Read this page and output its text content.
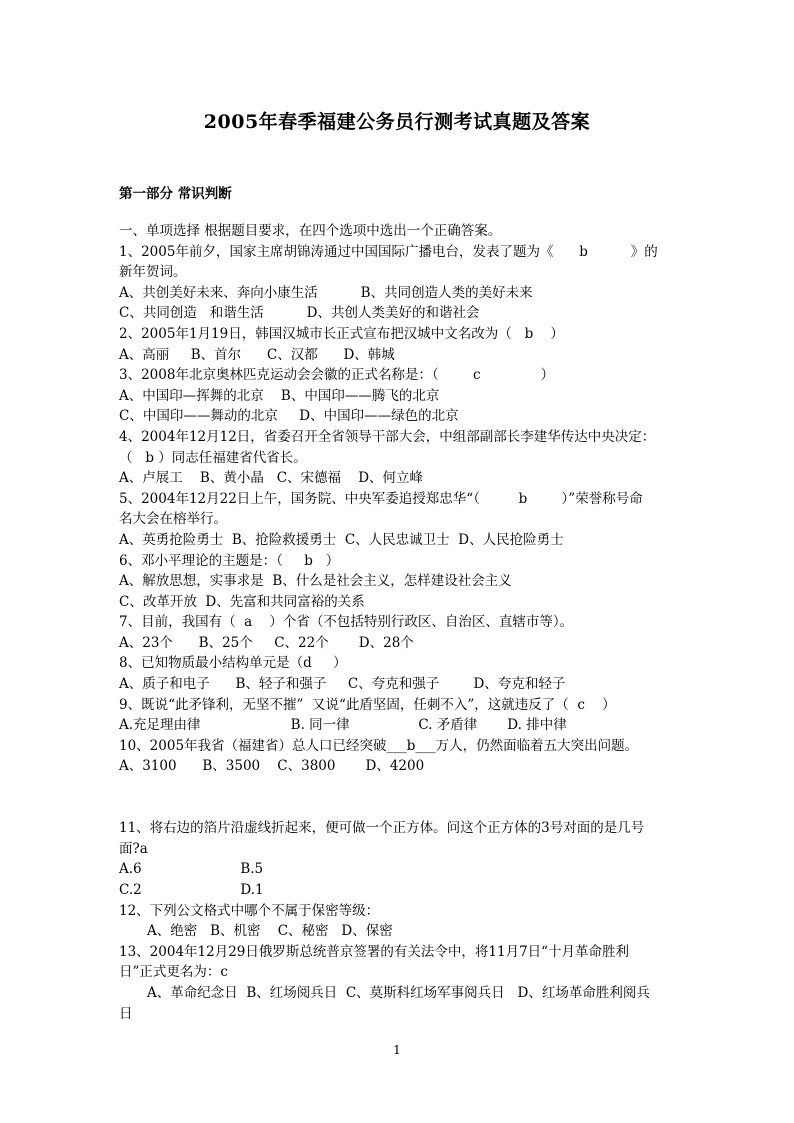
2005年春季福建公务员行测考试真题及答案
第一部分 常识判断
一、单项选择 根据题目要求，在四个选项中选出一个正确答案。
1、2005年前夕，国家主席胡锦涛通过中国国际广播电台，发表了题为《      b          》的
新年贺词。
A、共创美好未来、奔向小康生活          B、共同创造人类的美好未来
C、共同创造   和谐生活          D、共创人类美好的和谐社会
2、2005年1月19日，韩国汉城市长正式宣布把汉城中文名改为（   b    ）
A、高丽     B、首尔      C、汉都      D、韩城
3、2008年北京奥林匹克运动会会徽的正式名称是：（        c              ）
A、中国印—挥舞的北京    B、中国印——腾飞的北京
C、中国印——舞动的北京     D、中国印——绿色的北京
4、2004年12月12日，省委召开全省领导干部大会，中组部副部长李建华传达中央决定：
（   b ）同志任福建省代省长。
A、卢展工    B、黄小晶   C、宋德福    D、何立峰
5、2004年12月22日上午，国务院、中央军委追授郑忠华“（         b        ）”荣誉称号命
名大会在榕举行。
A、英勇抢险勇士  B、抢险救援勇士  C、人民忠诚卫士  D、人民抢险勇士
6、邓小平理论的主题是：（     b   ）
A、解放思想，实事求是  B、什么是社会主义，怎样建设社会主义
C、改革开放  D、先富和共同富裕的关系
7、目前，我国有（  a    ）个省（不包括特别行政区、自治区、直辖市等）。
A、23个      B、25个     C、22个       D、28个
8、已知物质最小结构单元是（d     ）
A、质子和电子      B、轻子和强子     C、夸克和强子        D、夸克和轻子
9、既说“此矛锋利，无坚不摧”  又说“此盾坚固，任刺不入”，这就违反了（  c    ）
A.充足理由律                     B. 同一律                C. 矛盾律       D. 排中律
10、2005年我省（福建省）总人口已经突破___b___万人，仍然面临着五大突出问题。
A、3100      B、3500    C、3800       D、4200
11、将右边的箔片沿虚线折起来，便可做一个正方体。问这个正方体的3号对面的是几号
面?a
A.6                       B.5
C.2                       D.1
12、下列公文格式中哪个不属于保密等级：
A、绝密   B、机密    C、秘密   D、保密
13、2004年12月29日俄罗斯总统普京签署的有关法令中，将11月7日“十月革命胜利
日”正式更名为：c
A、革命纪念日  B、红场阅兵日  C、莫斯科红场军事阅兵日   D、红场革命胜利阅兵
日
1
